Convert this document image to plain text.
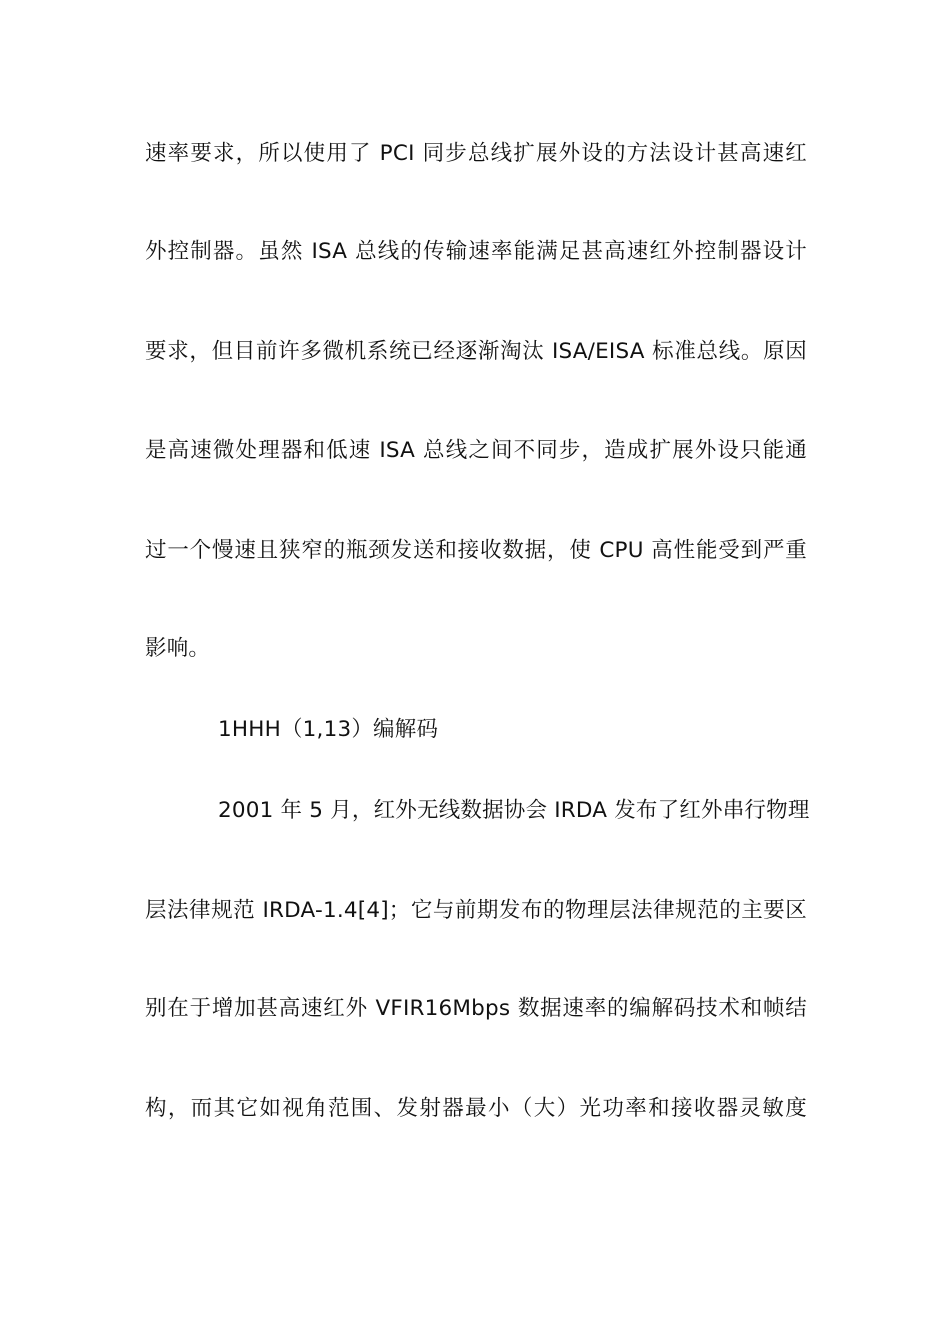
速率要求，所以使用了 PCI 同步总线扩展外设的方法设计甚高速红
外控制器。虽然 ISA 总线的传输速率能满足甚高速红外控制器设计
要求，但目前许多微机系统已经逐渐淘汰 ISA/EISA 标准总线。原因
是高速微处理器和低速 ISA 总线之间不同步，造成扩展外设只能通
过一个慢速且狭窄的瓶颈发送和接收数据，使 CPU 高性能受到严重
影响。
1HHH（1,13）编解码
2001 年 5 月，红外无线数据协会 IRDA 发布了红外串行物理
层法律规范 IRDA-1.4[4]；它与前期发布的物理层法律规范的主要区
别在于增加甚高速红外 VFIR16Mbps 数据速率的编解码技术和帧结
构，而其它如视角范围、发射器最小（大）光功率和接收器灵敏度
